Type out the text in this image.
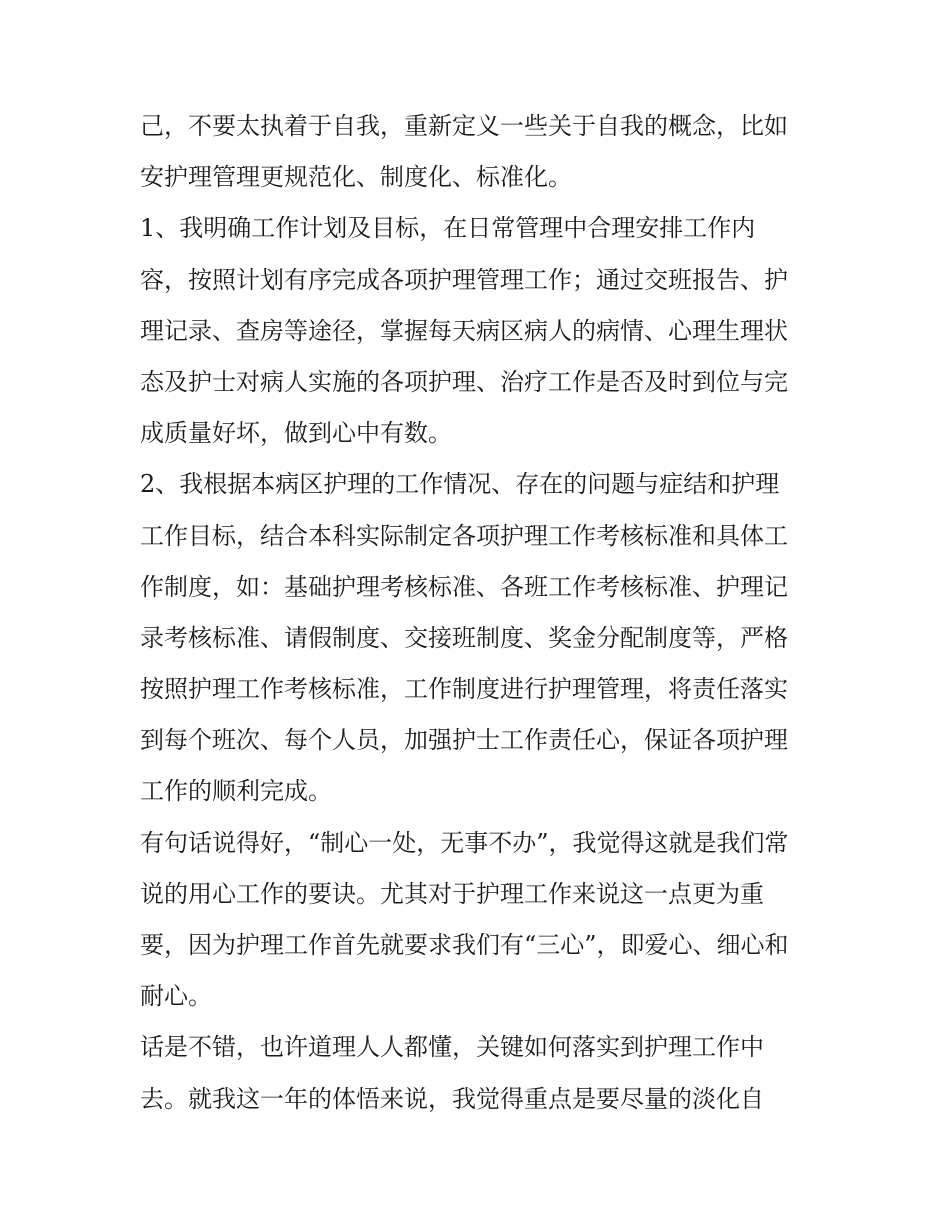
己，不要太执着于自我，重新定义一些关于自我的概念，比如
安护理管理更规范化、制度化、标准化。
1、我明确工作计划及目标，在日常管理中合理安排工作内
容，按照计划有序完成各项护理管理工作；通过交班报告、护
理记录、查房等途径，掌握每天病区病人的病情、心理生理状
态及护士对病人实施的各项护理、治疗工作是否及时到位与完
成质量好坏，做到心中有数。
2、我根据本病区护理的工作情况、存在的问题与症结和护理
工作目标，结合本科实际制定各项护理工作考核标准和具体工
作制度，如：基础护理考核标准、各班工作考核标准、护理记
录考核标准、请假制度、交接班制度、奖金分配制度等，严格
按照护理工作考核标准，工作制度进行护理管理，将责任落实
到每个班次、每个人员，加强护士工作责任心，保证各项护理
工作的顺利完成。
有句话说得好，“制心一处，无事不办”，我觉得这就是我们常
说的用心工作的要诀。尤其对于护理工作来说这一点更为重
要，因为护理工作首先就要求我们有“三心”，即爱心、细心和
耐心。
话是不错，也许道理人人都懂，关键如何落实到护理工作中
去。就我这一年的体悟来说，我觉得重点是要尽量的淡化自
